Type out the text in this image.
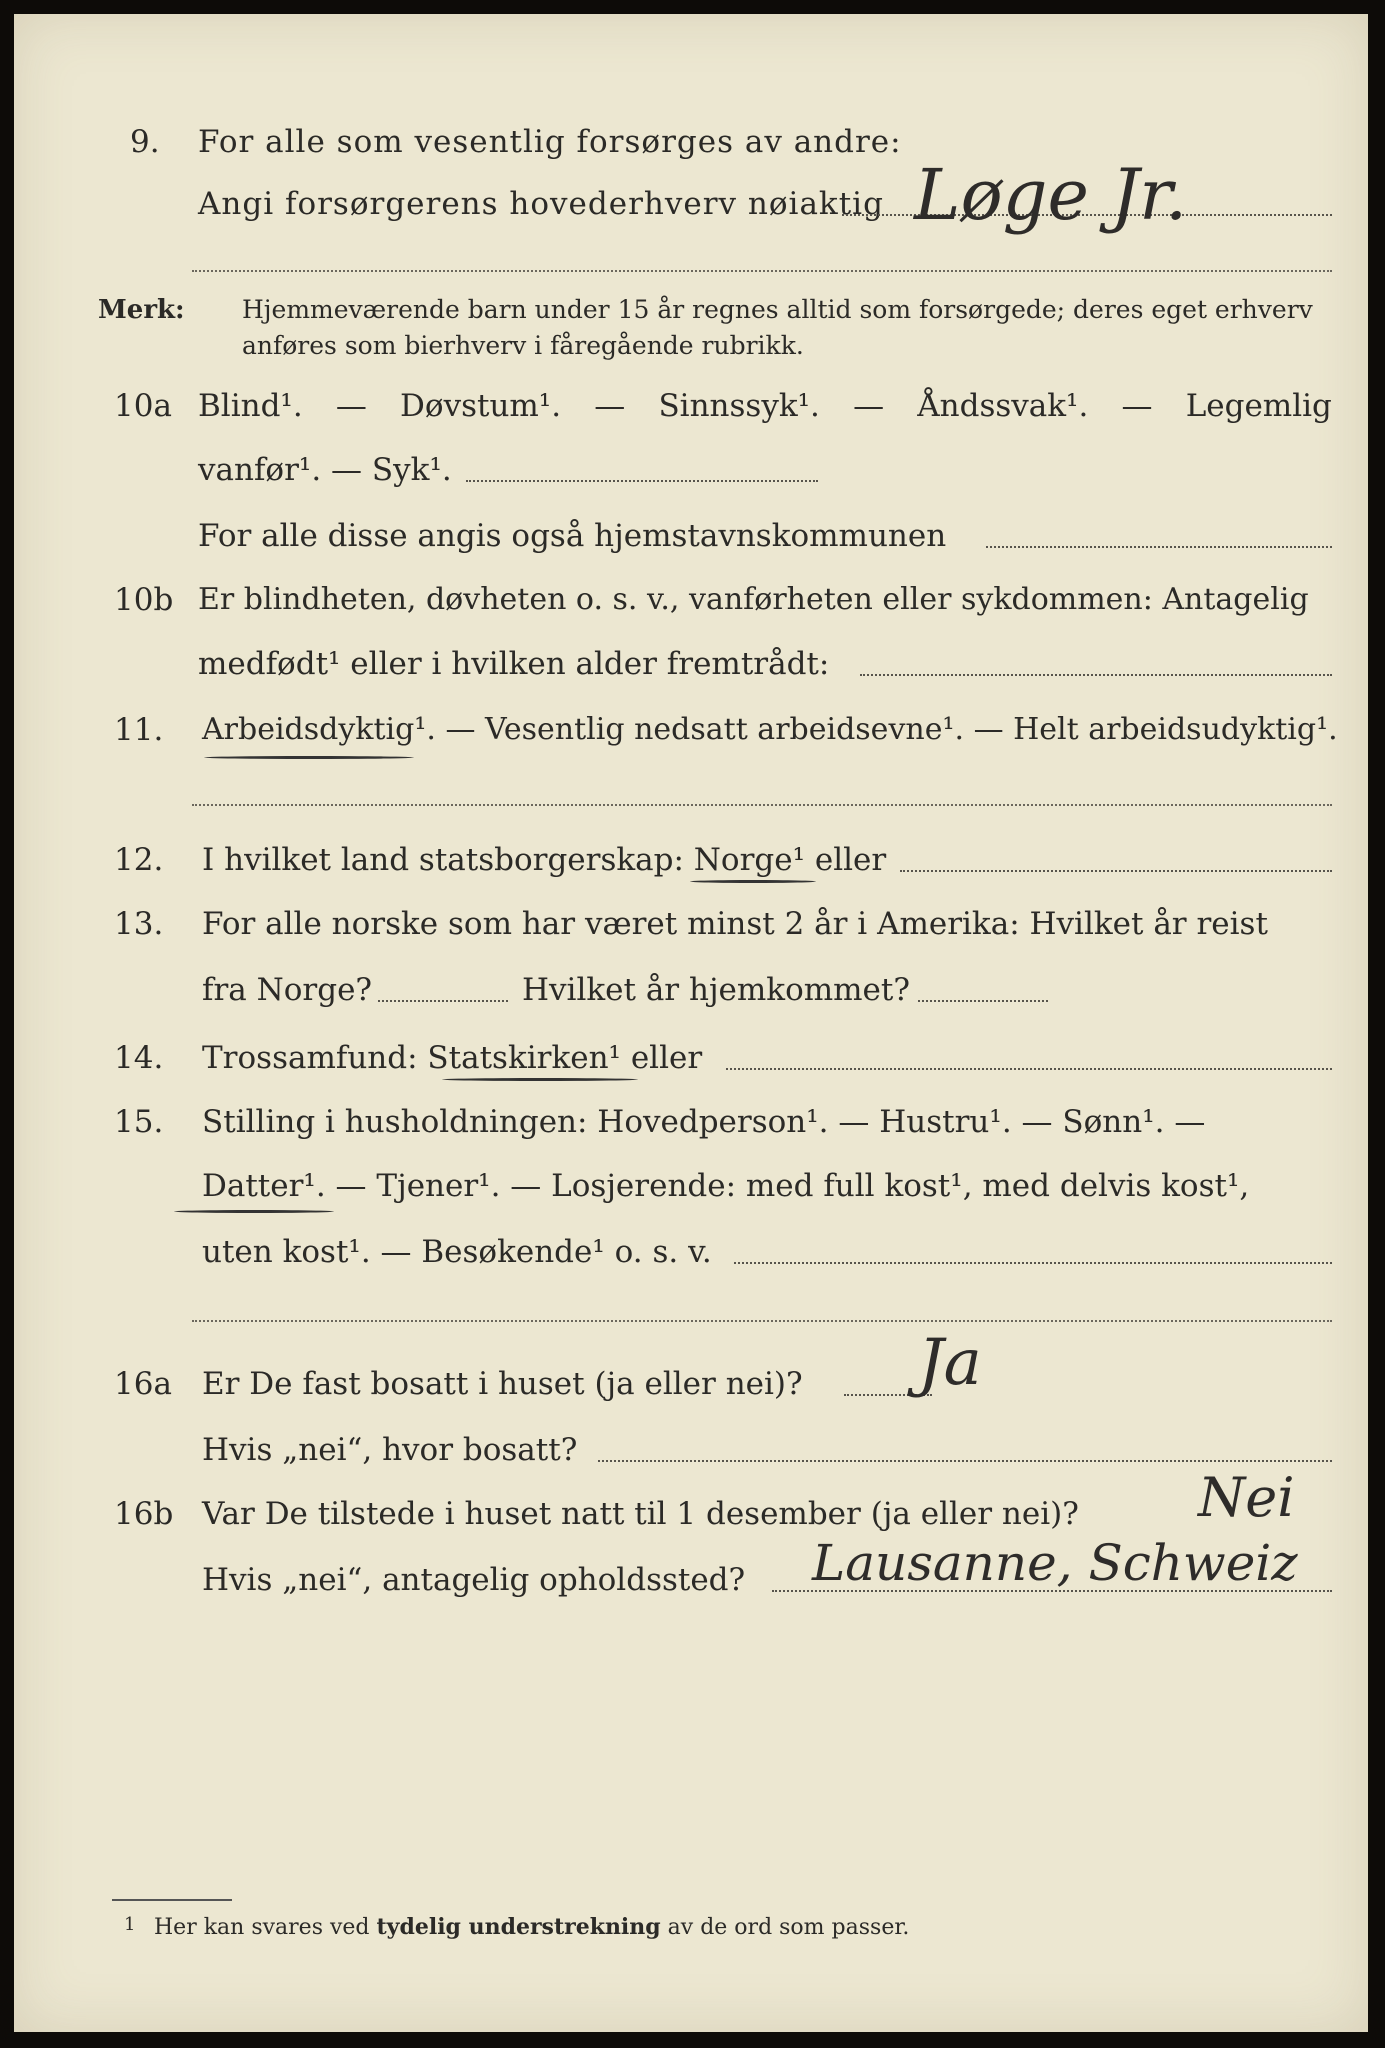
9. For alle som vesentlig forsørges av andre:
Angi forsørgerens hovederhverv nøiaktig Løge Jr.
Merk: Hjemmeværende barn under 15 år regnes alltid som forsørgede; deres eget erhverv
anføres som bierhverv i fåregående rubrikk.
10a Blind¹. — Døvstum¹. — Sinnssyk¹. — Åndssvak¹. — Legemlig
vanfør¹. — Syk¹.
For alle disse angis også hjemstavnskommunen
10b Er blindheten, døvheten o. s. v., vanførheten eller sykdommen: Antagelig
medfødt¹ eller i hvilken alder fremtrådt:
11. Arbeidsdyktig¹. — Vesentlig nedsatt arbeidsevne¹. — Helt arbeidsudyktig¹.
12. I hvilket land statsborgerskap: Norge¹ eller
13. For alle norske som har været minst 2 år i Amerika: Hvilket år reist
fra Norge?	Hvilket år hjemkommet?
14. Trossamfund: Statskirken¹ eller
15. Stilling i husholdningen: Hovedperson¹. — Hustru¹. — Sønn¹. —
Datter¹. — Tjener¹. — Losjerende: med full kost¹, med delvis kost¹,
uten kost¹. — Besøkende¹ o. s. v.
16a Er De fast bosatt i huset (ja eller nei)? Ja
Hvis „nei“, hvor bosatt?
16b Var De tilstede i huset natt til 1 desember (ja eller nei)? Nei
Hvis „nei“, antagelig opholdssted? Lausanne, Schweiz
1 Her kan svares ved tydelig understrekning av de ord som passer.
